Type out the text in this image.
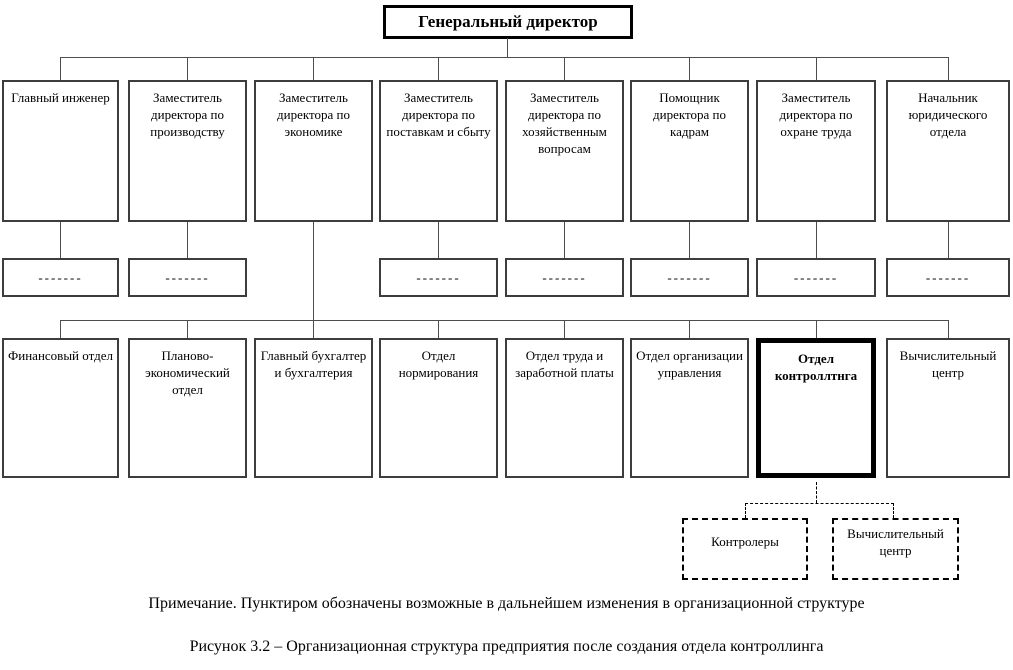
Генеральный директор
Главный инженер	Заместитель директора по производству
Заместитель директора по экономике
Заместитель директора по поставкам и сбыту
Заместитель директора по хозяйственным вопросам
Помощник директора по кадрам
Заместитель директора по охране труда
Начальник юридического отдела
-------	-------	-------	-------	-------	-------	-------
Финансовый отдел	Планово-экономический отдел
Главный бухгалтер и бухгалтерия
Отдел нормирования
Отдел труда и заработной платы
Отдел организации управления
Отдел контроллтнга
Вычислительный центр
Контролеры
Вычислительный центр
Примечание. Пунктиром обозначены возможные в дальнейшем изменения в организационной структуре
Рисунок 3.2 – Организационная структура предприятия после создания отдела контроллинга
